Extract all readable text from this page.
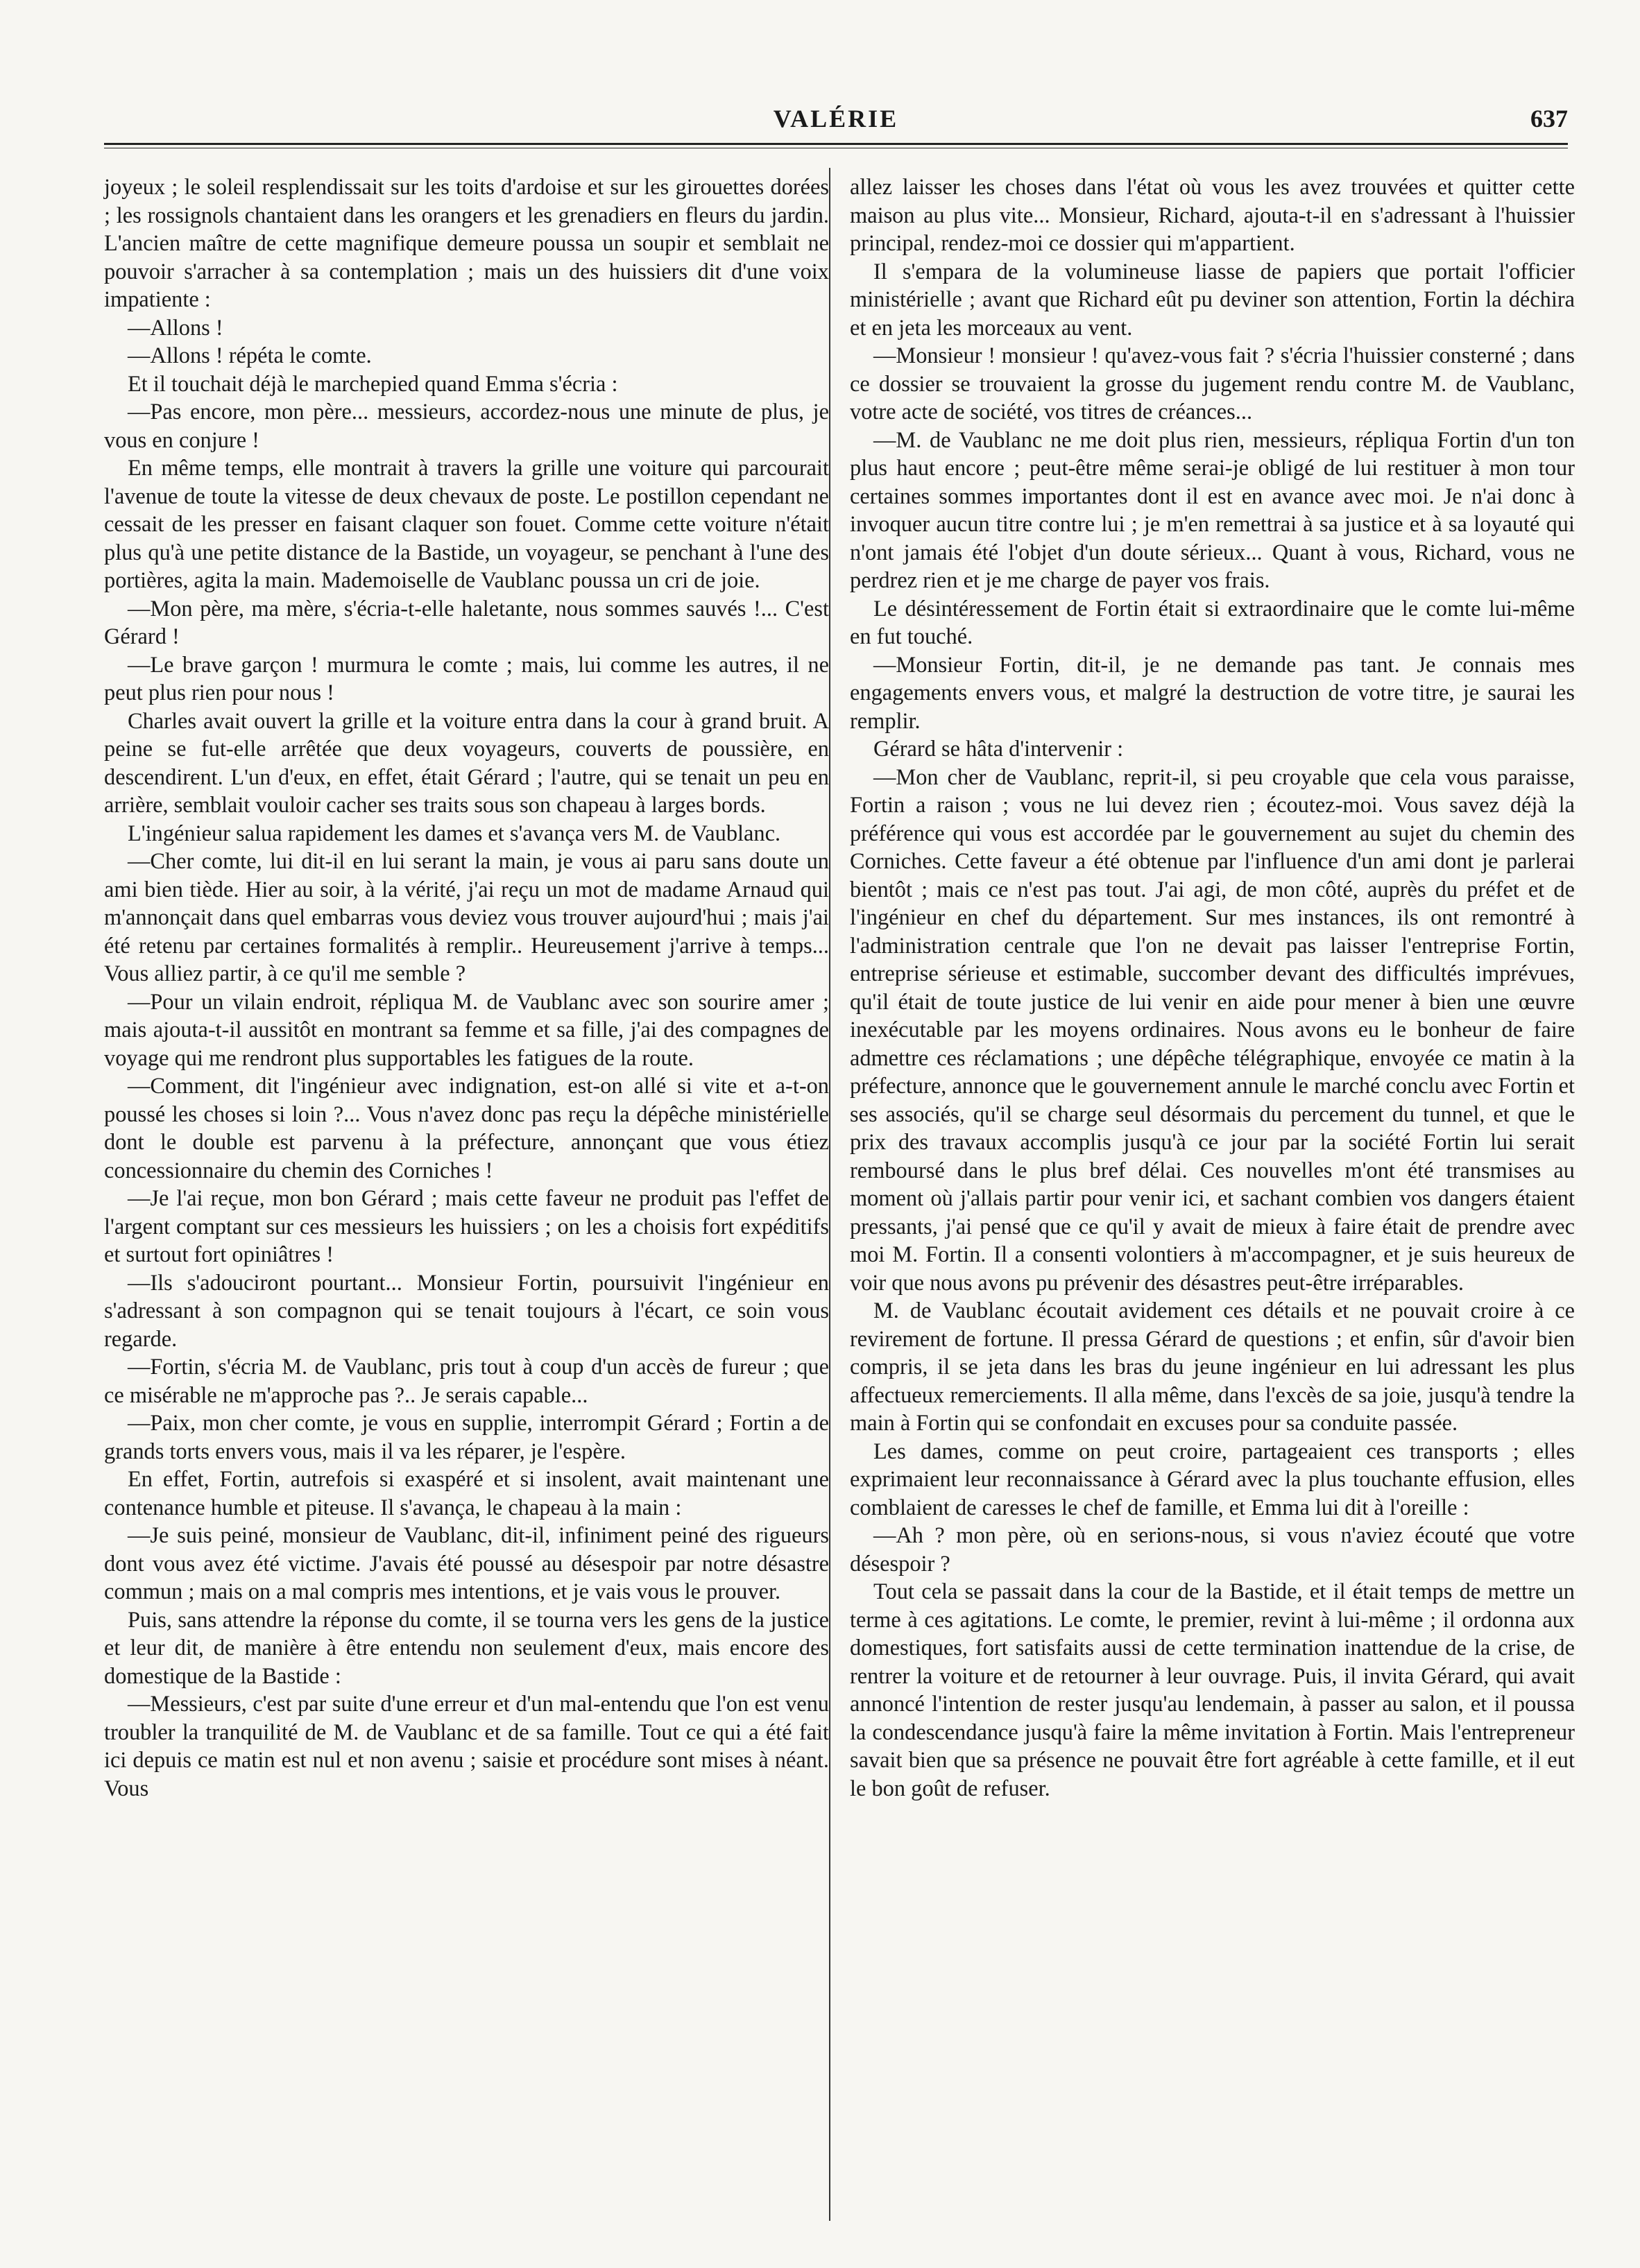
VALÉRIE	637

joyeux ; le soleil resplendissait sur les toits d'ardoise et sur les girouettes dorées ; les rossignols chantaient dans les orangers et les grenadiers en fleurs du jardin. L'ancien maître de cette magnifique demeure poussa un soupir et semblait ne pouvoir s'arracher à sa contemplation ; mais un des huissiers dit d'une voix impatiente :

—Allons !

—Allons ! répéta le comte.

Et il touchait déjà le marchepied quand Emma s'écria :

—Pas encore, mon père... messieurs, accordez-nous une minute de plus, je vous en conjure !

En même temps, elle montrait à travers la grille une voiture qui parcourait l'avenue de toute la vitesse de deux chevaux de poste. Le postillon cependant ne cessait de les presser en faisant claquer son fouet. Comme cette voiture n'était plus qu'à une petite distance de la Bastide, un voyageur, se penchant à l'une des portières, agita la main. Mademoiselle de Vaublanc poussa un cri de joie.

—Mon père, ma mère, s'écria-t-elle haletante, nous sommes sauvés !... C'est Gérard !

—Le brave garçon ! murmura le comte ; mais, lui comme les autres, il ne peut plus rien pour nous !

Charles avait ouvert la grille et la voiture entra dans la cour à grand bruit. A peine se fut-elle arrêtée que deux voyageurs, couverts de poussière, en descendirent. L'un d'eux, en effet, était Gérard ; l'autre, qui se tenait un peu en arrière, semblait vouloir cacher ses traits sous son chapeau à larges bords.

L'ingénieur salua rapidement les dames et s'avança vers M. de Vaublanc.

—Cher comte, lui dit-il en lui serant la main, je vous ai paru sans doute un ami bien tiède. Hier au soir, à la vérité, j'ai reçu un mot de madame Arnaud qui m'annonçait dans quel embarras vous deviez vous trouver aujourd'hui ; mais j'ai été retenu par certaines formalités à remplir.. Heureusement j'arrive à temps... Vous alliez partir, à ce qu'il me semble ?

—Pour un vilain endroit, répliqua M. de Vaublanc avec son sourire amer ; mais ajouta-t-il aussitôt en montrant sa femme et sa fille, j'ai des compagnes de voyage qui me rendront plus supportables les fatigues de la route.

—Comment, dit l'ingénieur avec indignation, est-on allé si vite et a-t-on poussé les choses si loin ?... Vous n'avez donc pas reçu la dépêche ministérielle dont le double est parvenu à la préfecture, annonçant que vous étiez concessionnaire du chemin des Corniches !

—Je l'ai reçue, mon bon Gérard ; mais cette faveur ne produit pas l'effet de l'argent comptant sur ces messieurs les huissiers ; on les a choisis fort expéditifs et surtout fort opiniâtres !

—Ils s'adouciront pourtant... Monsieur Fortin, poursuivit l'ingénieur en s'adressant à son compagnon qui se tenait toujours à l'écart, ce soin vous regarde.

—Fortin, s'écria M. de Vaublanc, pris tout à coup d'un accès de fureur ; que ce misérable ne m'approche pas ?.. Je serais capable...

—Paix, mon cher comte, je vous en supplie, interrompit Gérard ; Fortin a de grands torts envers vous, mais il va les réparer, je l'espère.

En effet, Fortin, autrefois si exaspéré et si insolent, avait maintenant une contenance humble et piteuse. Il s'avança, le chapeau à la main :

—Je suis peiné, monsieur de Vaublanc, dit-il, infiniment peiné des rigueurs dont vous avez été victime. J'avais été poussé au désespoir par notre désastre commun ; mais on a mal compris mes intentions, et je vais vous le prouver.

Puis, sans attendre la réponse du comte, il se tourna vers les gens de la justice et leur dit, de manière à être entendu non seulement d'eux, mais encore des domestique de la Bastide :

—Messieurs, c'est par suite d'une erreur et d'un mal-entendu que l'on est venu troubler la tranquilité de M. de Vaublanc et de sa famille. Tout ce qui a été fait ici depuis ce matin est nul et non avenu ; saisie et procédure sont mises à néant. Vous

allez laisser les choses dans l'état où vous les avez trouvées et quitter cette maison au plus vite... Monsieur, Richard, ajouta-t-il en s'adressant à l'huissier principal, rendez-moi ce dossier qui m'appartient.

Il s'empara de la volumineuse liasse de papiers que portait l'officier ministérielle ; avant que Richard eût pu deviner son attention, Fortin la déchira et en jeta les morceaux au vent.

—Monsieur ! monsieur ! qu'avez-vous fait ? s'écria l'huissier consterné ; dans ce dossier se trouvaient la grosse du jugement rendu contre M. de Vaublanc, votre acte de société, vos titres de créances...

—M. de Vaublanc ne me doit plus rien, messieurs, répliqua Fortin d'un ton plus haut encore ; peut-être même serai-je obligé de lui restituer à mon tour certaines sommes importantes dont il est en avance avec moi. Je n'ai donc à invoquer aucun titre contre lui ; je m'en remettrai à sa justice et à sa loyauté qui n'ont jamais été l'objet d'un doute sérieux... Quant à vous, Richard, vous ne perdrez rien et je me charge de payer vos frais.

Le désintéressement de Fortin était si extraordinaire que le comte lui-même en fut touché.

—Monsieur Fortin, dit-il, je ne demande pas tant. Je connais mes engagements envers vous, et malgré la destruction de votre titre, je saurai les remplir.

Gérard se hâta d'intervenir :

—Mon cher de Vaublanc, reprit-il, si peu croyable que cela vous paraisse, Fortin a raison ; vous ne lui devez rien ; écoutez-moi. Vous savez déjà la préférence qui vous est accordée par le gouvernement au sujet du chemin des Corniches. Cette faveur a été obtenue par l'influence d'un ami dont je parlerai bientôt ; mais ce n'est pas tout. J'ai agi, de mon côté, auprès du préfet et de l'ingénieur en chef du département. Sur mes instances, ils ont remontré à l'administration centrale que l'on ne devait pas laisser l'entreprise Fortin, entreprise sérieuse et estimable, succomber devant des difficultés imprévues, qu'il était de toute justice de lui venir en aide pour mener à bien une œuvre inexécutable par les moyens ordinaires. Nous avons eu le bonheur de faire admettre ces réclamations ; une dépêche télégraphique, envoyée ce matin à la préfecture, annonce que le gouvernement annule le marché conclu avec Fortin et ses associés, qu'il se charge seul désormais du percement du tunnel, et que le prix des travaux accomplis jusqu'à ce jour par la société Fortin lui serait remboursé dans le plus bref délai. Ces nouvelles m'ont été transmises au moment où j'allais partir pour venir ici, et sachant combien vos dangers étaient pressants, j'ai pensé que ce qu'il y avait de mieux à faire était de prendre avec moi M. Fortin. Il a consenti volontiers à m'accompagner, et je suis heureux de voir que nous avons pu prévenir des désastres peut-être irréparables.

M. de Vaublanc écoutait avidement ces détails et ne pouvait croire à ce revirement de fortune. Il pressa Gérard de questions ; et enfin, sûr d'avoir bien compris, il se jeta dans les bras du jeune ingénieur en lui adressant les plus affectueux remerciements. Il alla même, dans l'excès de sa joie, jusqu'à tendre la main à Fortin qui se confondait en excuses pour sa conduite passée.

Les dames, comme on peut croire, partageaient ces transports ; elles exprimaient leur reconnaissance à Gérard avec la plus touchante effusion, elles comblaient de caresses le chef de famille, et Emma lui dit à l'oreille :

—Ah ? mon père, où en serions-nous, si vous n'aviez écouté que votre désespoir ?

Tout cela se passait dans la cour de la Bastide, et il était temps de mettre un terme à ces agitations. Le comte, le premier, revint à lui-même ; il ordonna aux domestiques, fort satisfaits aussi de cette termination inattendue de la crise, de rentrer la voiture et de retourner à leur ouvrage. Puis, il invita Gérard, qui avait annoncé l'intention de rester jusqu'au lendemain, à passer au salon, et il poussa la condescendance jusqu'à faire la même invitation à Fortin. Mais l'entrepreneur savait bien que sa présence ne pouvait être fort agréable à cette famille, et il eut le bon goût de refuser.
